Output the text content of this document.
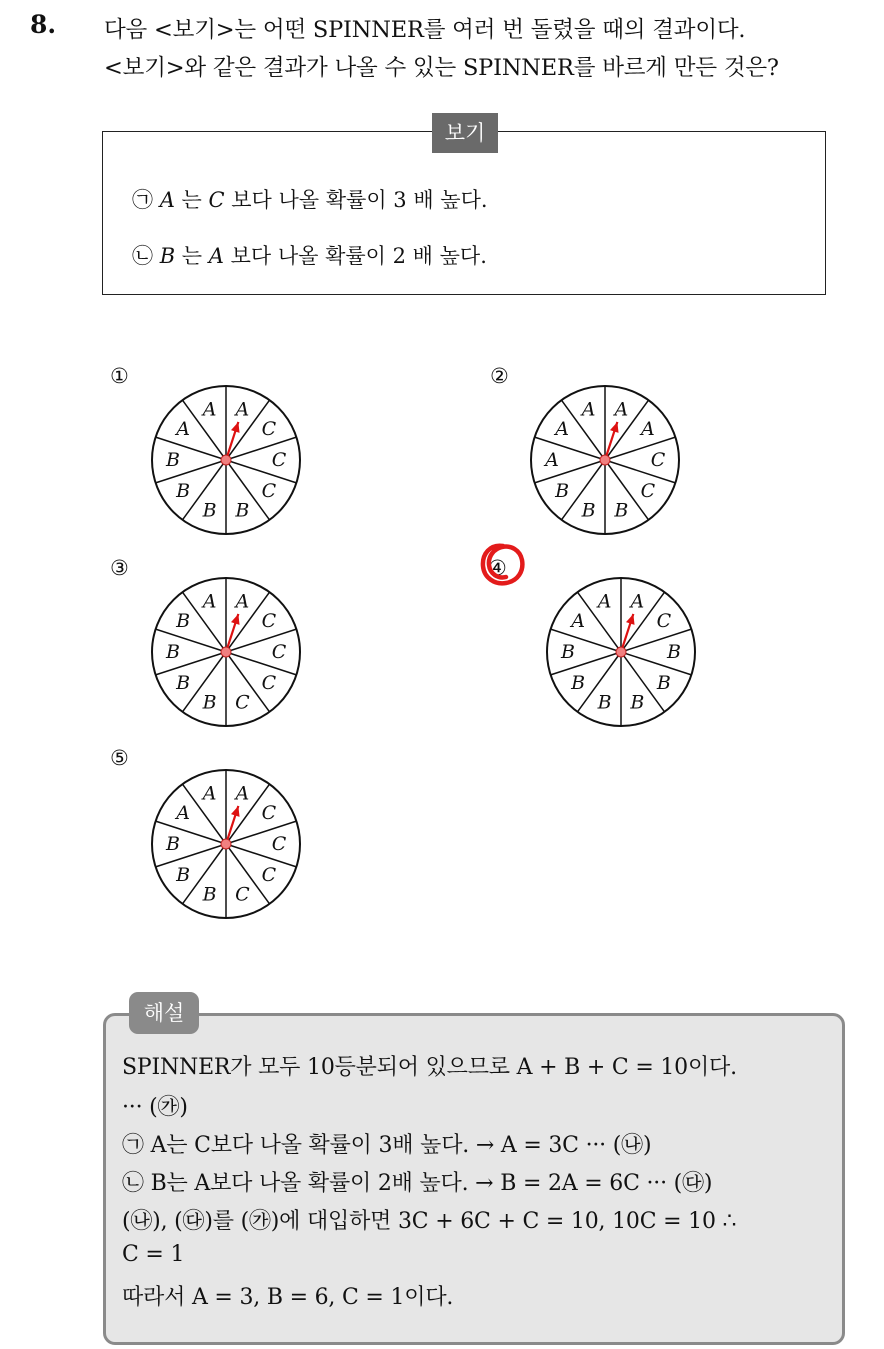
8. 다음 <보기>는 어떤 SPINNER를 여러 번 돌렸을 때의 결과이다.
<보기>와 같은 결과가 나올 수 있는 SPINNER를 바르게 만든 것은?
보기
㉠ A 는 C 보다 나올 확률이 3 배 높다.
㉡ B 는 A 보다 나올 확률이 2 배 높다.
①	②
③	④
⑤
A
C
C
C
B
B
B
B
A
A	A
A
C
C
B
B
B
A
A
A
A
C
C
C
C
B
B
B
B
A	A
C
B
B
B
B
B
B
A
A
A
C
C
C
C
B
B
B
A
A
해설
SPINNER가 모두 10등분되어 있으므로 A + B + C = 10이다.
··· (㉮)
㉠ A는 C보다 나올 확률이 3배 높다. → A = 3C ··· (㉯)
㉡ B는 A보다 나올 확률이 2배 높다. → B = 2A = 6C ··· (㉰)
(㉯), (㉰)를 (㉮)에 대입하면 3C + 6C + C = 10, 10C = 10 ∴
C = 1
따라서 A = 3, B = 6, C = 1이다.
